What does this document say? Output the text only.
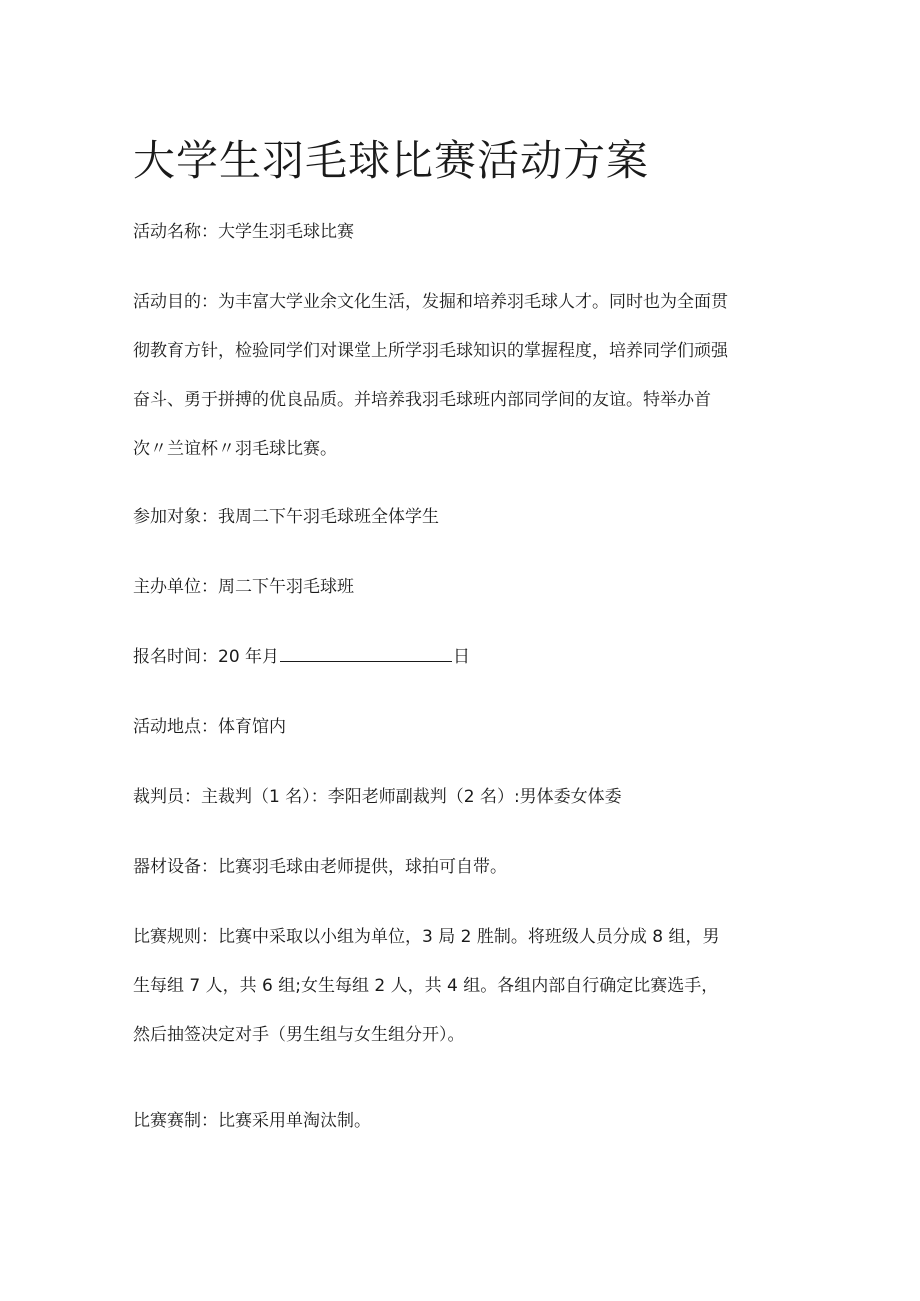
大学生羽毛球比赛活动方案

活动名称：大学生羽毛球比赛

活动目的：为丰富大学业余文化生活，发掘和培养羽毛球人才。同时也为全面贯
彻教育方针，检验同学们对课堂上所学羽毛球知识的掌握程度，培养同学们顽强
奋斗、勇于拼搏的优良品质。并培养我羽毛球班内部同学间的友谊。特举办首
次〃兰谊杯〃羽毛球比赛。

参加对象：我周二下午羽毛球班全体学生

主办单位：周二下午羽毛球班

报名时间：20 年月	日

活动地点：体育馆内

裁判员：主裁判（1 名）：李阳老师副裁判（2 名）:男体委女体委

器材设备：比赛羽毛球由老师提供，球拍可自带。

比赛规则：比赛中采取以小组为单位，3 局 2 胜制。将班级人员分成 8 组，男
生每组 7 人，共 6 组;女生每组 2 人，共 4 组。各组内部自行确定比赛选手，
然后抽签决定对手（男生组与女生组分开）。

比赛赛制：比赛采用单淘汰制。
